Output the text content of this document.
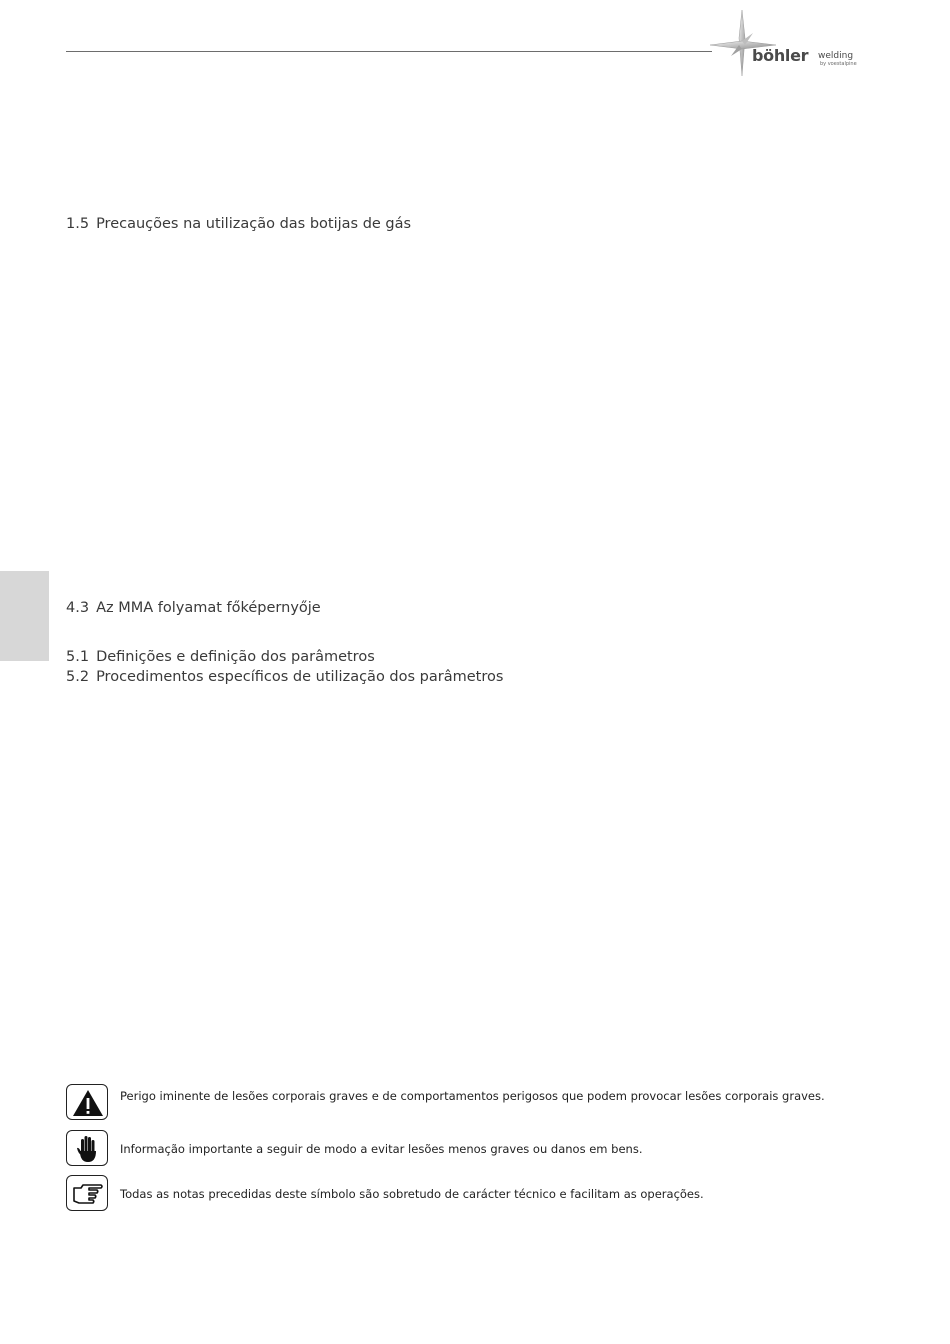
böhler welding
by voestalpine
1.5 Precauções na utilização das botijas de gás
4.3 Az MMA folyamat főképernyője
5.1 Definições e definição dos parâmetros
5.2 Procedimentos específicos de utilização dos parâmetros
Perigo iminente de lesões corporais graves e de comportamentos perigosos que podem provocar lesões corporais graves.
Informação importante a seguir de modo a evitar lesões menos graves ou danos em bens.
Todas as notas precedidas deste símbolo são sobretudo de carácter técnico e facilitam as operações.
